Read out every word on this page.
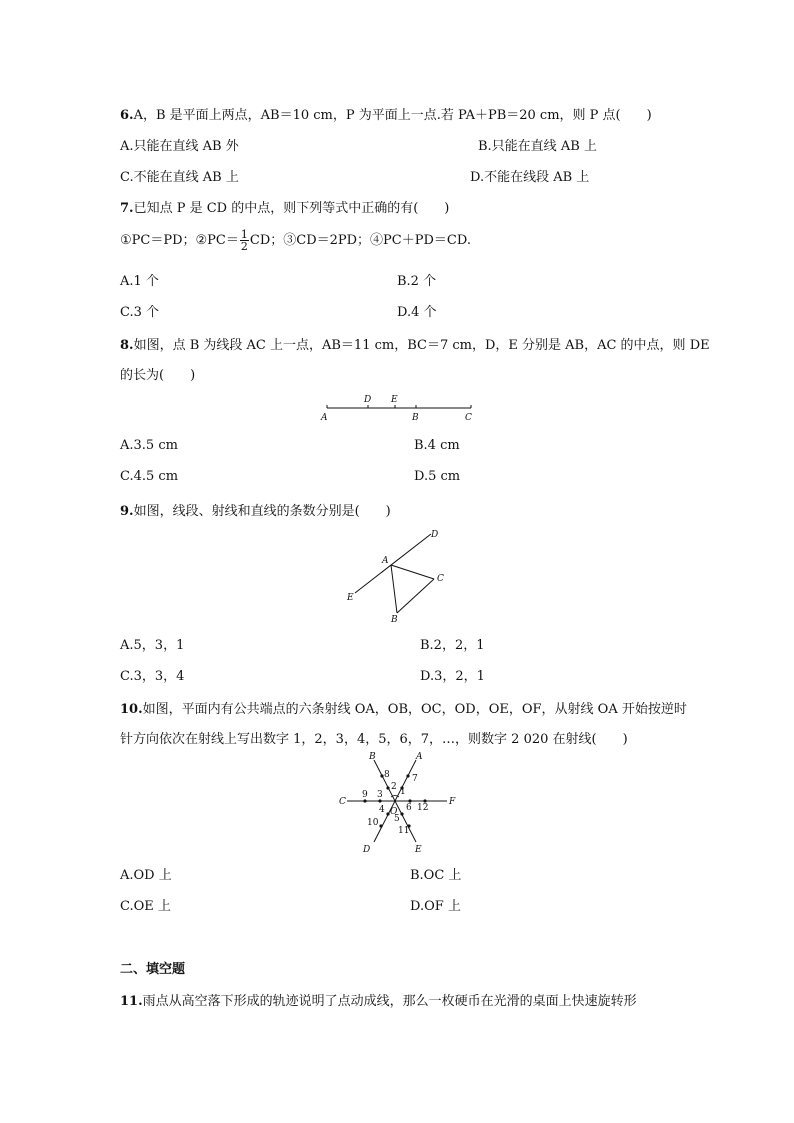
6.A，B 是平面上两点，AB＝10 cm，P 为平面上一点.若 PA＋PB＝20 cm，则 P 点(　　)
A.只能在直线 AB 外	B.只能在直线 AB 上
C.不能在直线 AB 上	D.不能在线段 AB 上
7.已知点 P 是 CD 的中点，则下列等式中正确的有(　　)
①PC＝PD；②PC＝ $\frac{1}{2}$ CD；③CD＝2PD；④PC＋PD＝CD.
A.1 个	B.2 个
C.3 个	D.4 个
8.如图，点 B 为线段 AC 上一点，AB＝11 cm，BC＝7 cm，D，E 分别是 AB，AC 的中点，则 DE
的长为(　　)
A
D E
B	C
A.3.5 cm	B.4 cm
C.4.5 cm	D.5 cm
9.如图，线段、射线和直线的条数分别是(　　)
A
B
C
D
E
A.5，3，1	B.2，2，1
C.3，3，4	D.3，2，1
10.如图，平面内有公共端点的六条射线 OA，OB，OC，OD，OE，OF，从射线 OA 开始按逆时
针方向依次在射线上写出数字 1，2，3，4，5，6，7，…，则数字 2 020 在射线(　　)
B	A
C	F
D	E
O
1
2
3
4
5
6
7
8
9
10
11
12
A.OD 上	B.OC 上
C.OE 上	D.OF 上
二、填空题
11.雨点从高空落下形成的轨迹说明了点动成线，那么一枚硬币在光滑的桌面上快速旋转形
